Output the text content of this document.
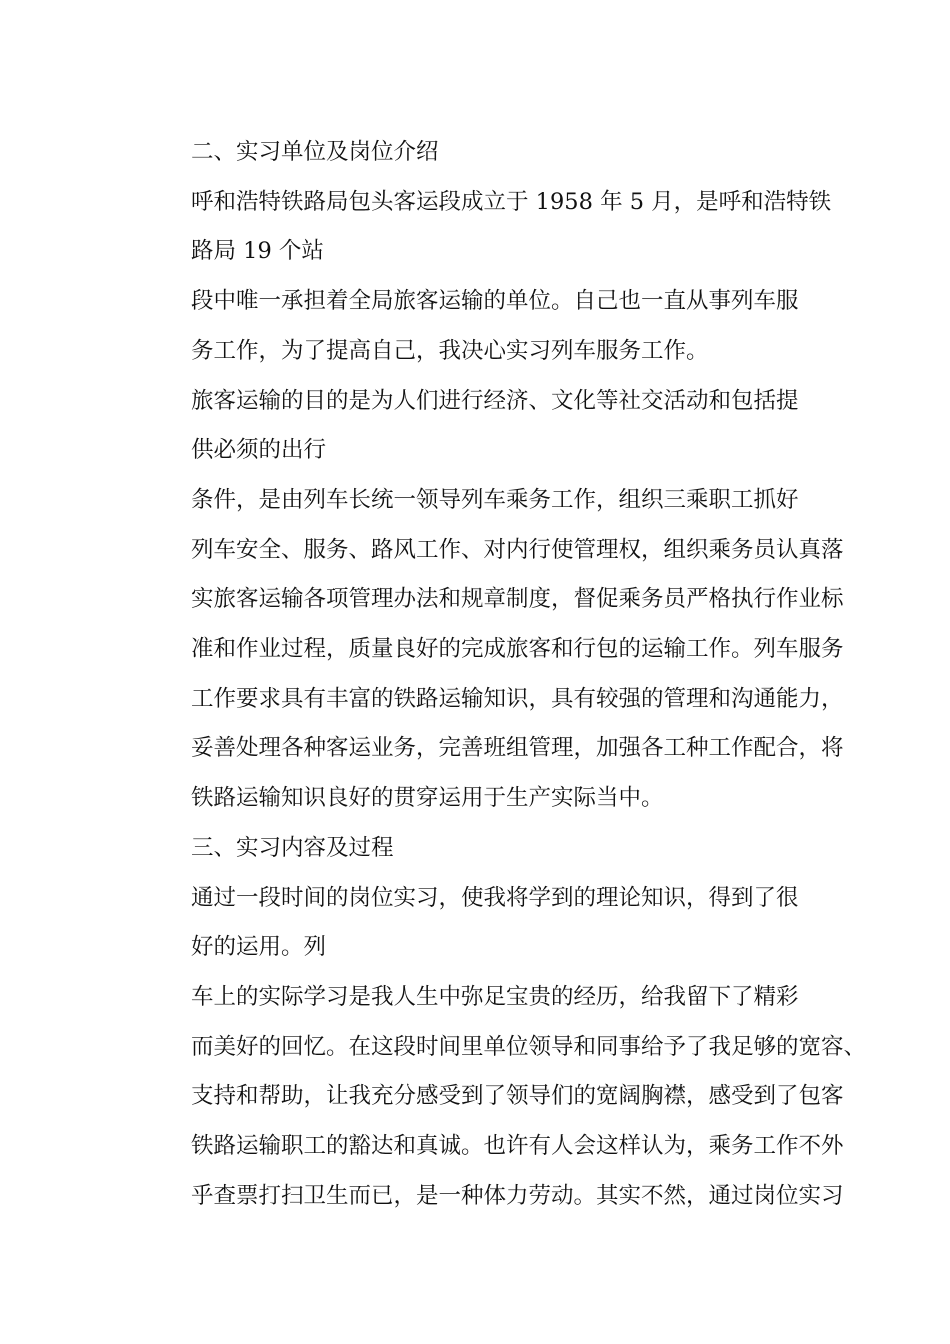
二、实习单位及岗位介绍

呼和浩特铁路局包头客运段成立于 1958 年 5 月，是呼和浩特铁
路局 19 个站

段中唯一承担着全局旅客运输的单位。自己也一直从事列车服
务工作，为了提高自己，我决心实习列车服务工作。

旅客运输的目的是为人们进行经济、文化等社交活动和包括提
供必须的出行

条件，是由列车长统一领导列车乘务工作，组织三乘职工抓好
列车安全、服务、路风工作、对内行使管理权，组织乘务员认真落
实旅客运输各项管理办法和规章制度，督促乘务员严格执行作业标
准和作业过程，质量良好的完成旅客和行包的运输工作。列车服务
工作要求具有丰富的铁路运输知识，具有较强的管理和沟通能力，
妥善处理各种客运业务，完善班组管理，加强各工种工作配合，将
铁路运输知识良好的贯穿运用于生产实际当中。

三、实习内容及过程

通过一段时间的岗位实习，使我将学到的理论知识，得到了很
好的运用。列

车上的实际学习是我人生中弥足宝贵的经历，给我留下了精彩
而美好的回忆。在这段时间里单位领导和同事给予了我足够的宽容、
支持和帮助，让我充分感受到了领导们的宽阔胸襟，感受到了包客
铁路运输职工的豁达和真诚。也许有人会这样认为，乘务工作不外
乎查票打扫卫生而已，是一种体力劳动。其实不然，通过岗位实习
